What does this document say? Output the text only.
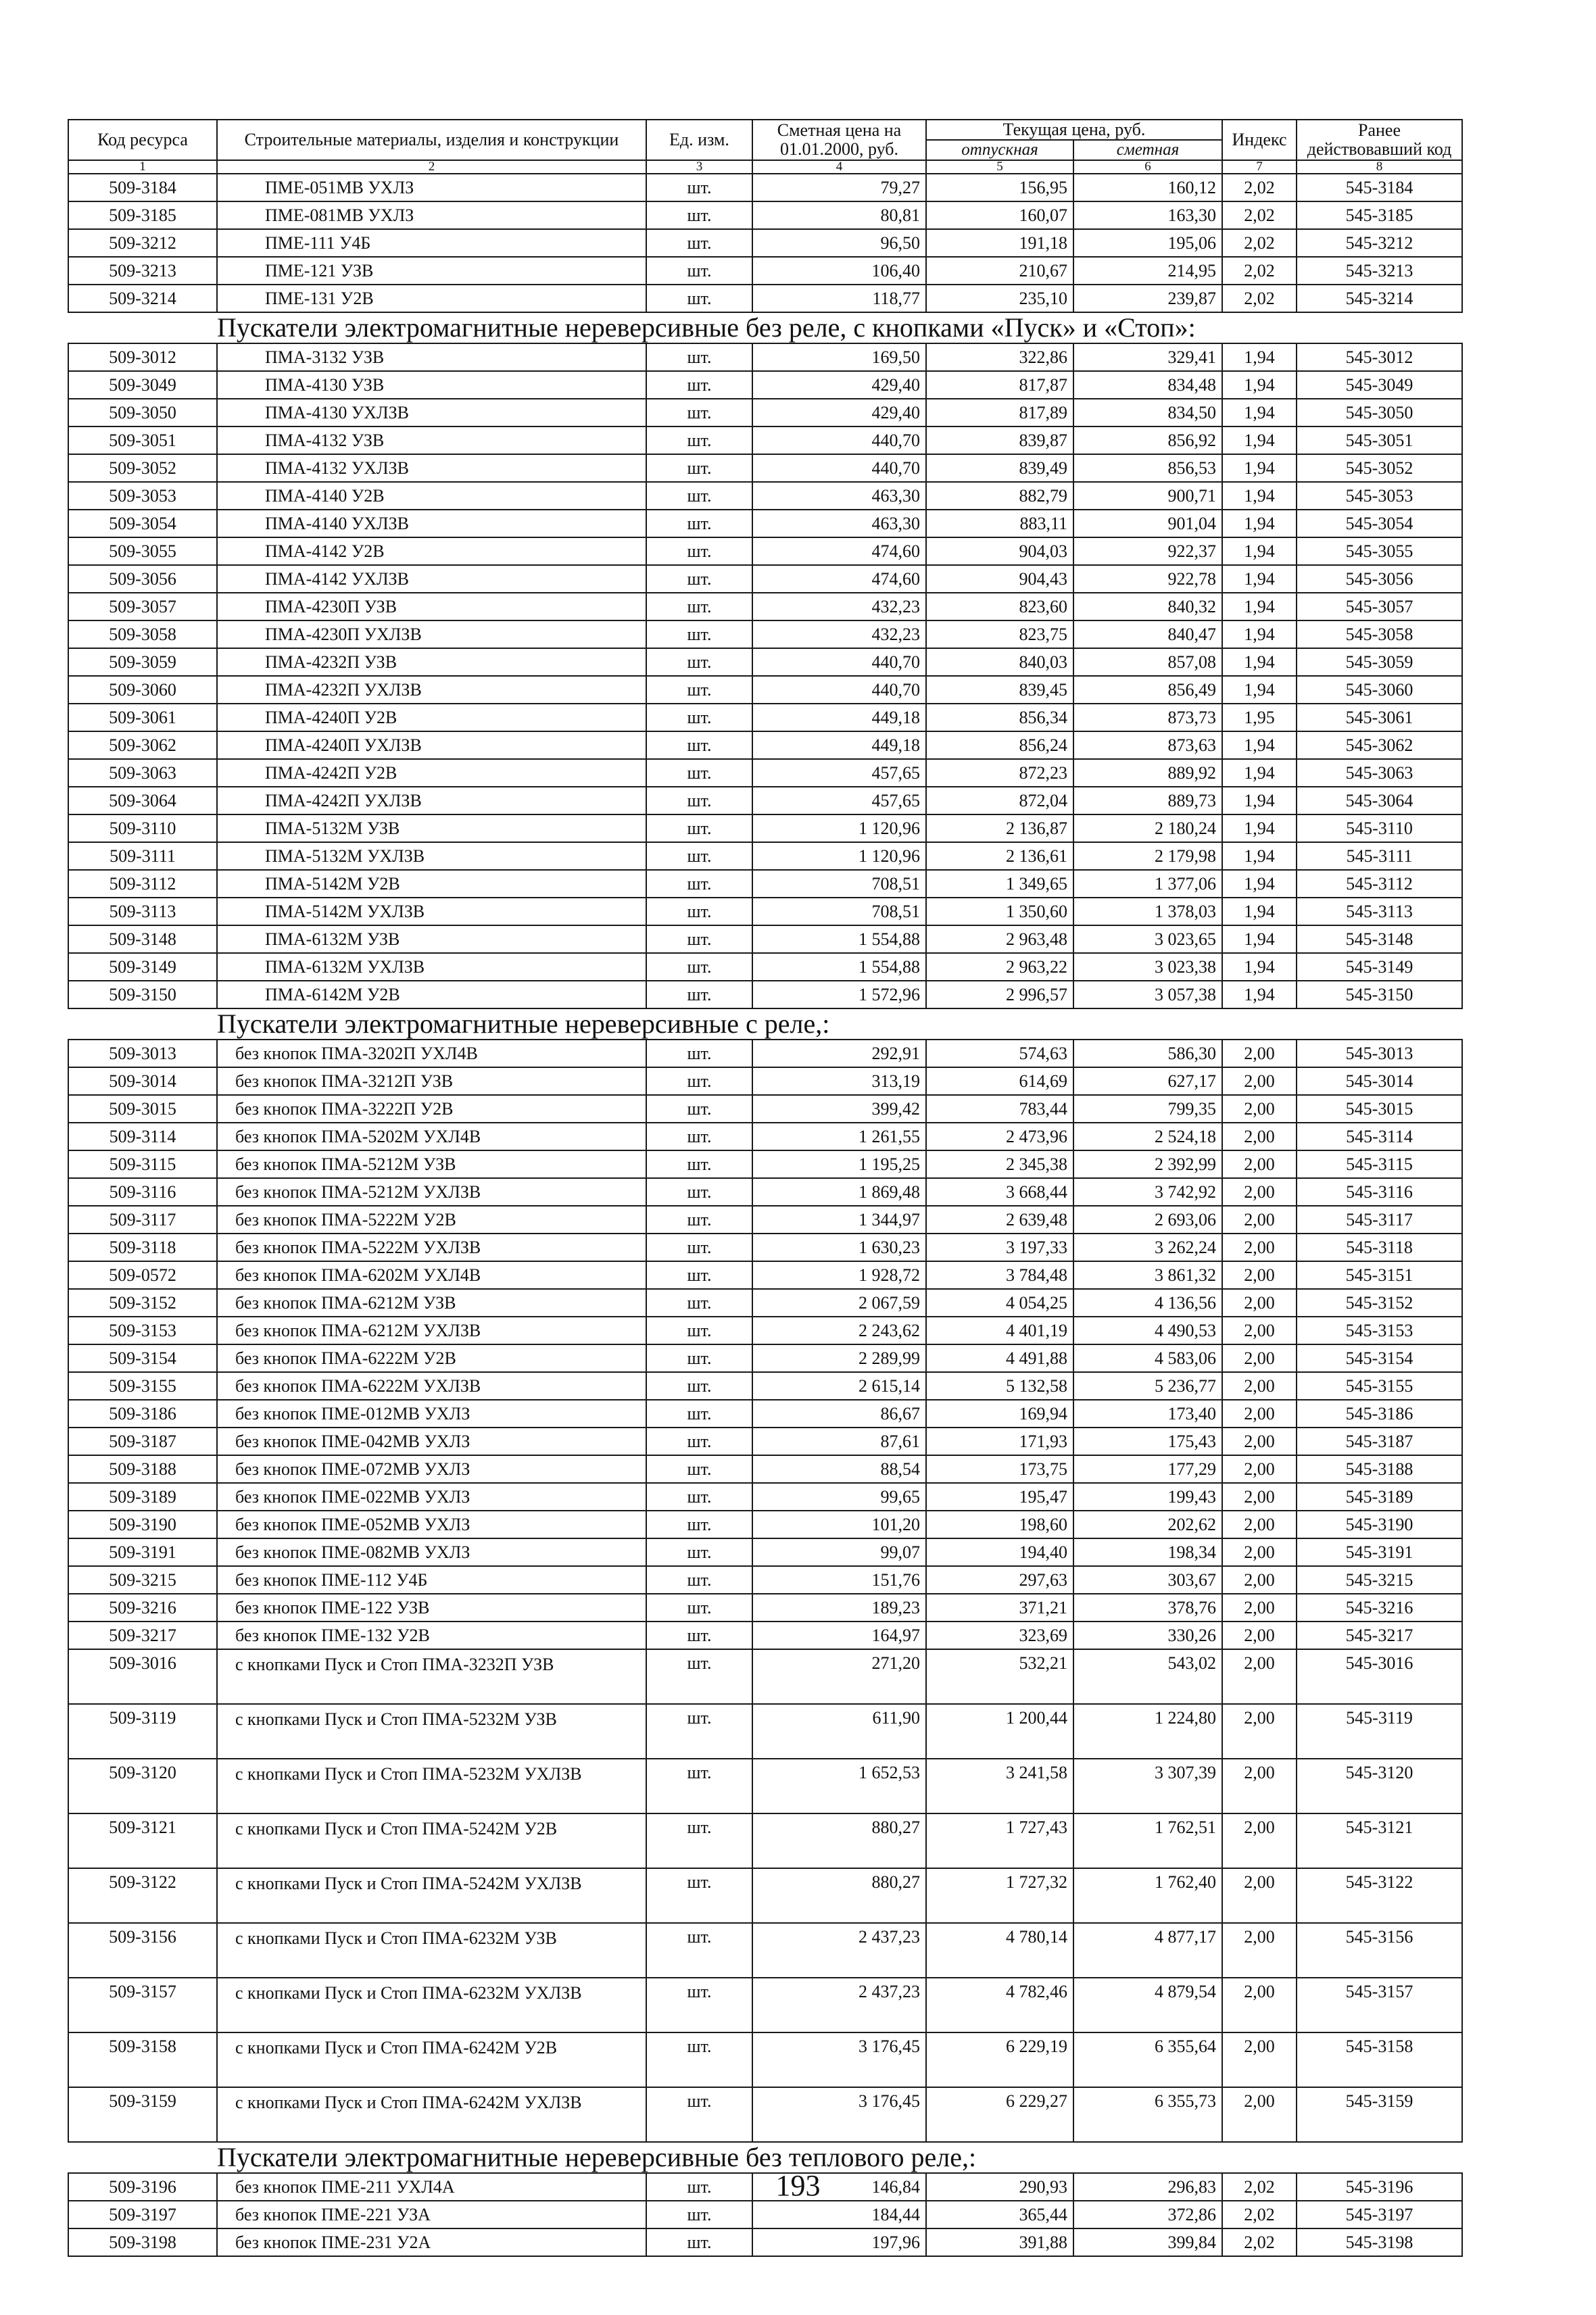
Код ресурса	Строительные материалы, изделия и конструкции	Ед. изм.	Сметная цена на 01.01.2000, руб.	Текущая цена, руб.		Индекс	Ранее действовавший код
				отпускная	сметная		
1	2	3	4	5	6	7	8
509-3184	ПМЕ-051МВ УХЛЗ	шт.	79,27	156,95	160,12	2,02	545-3184
509-3185	ПМЕ-081МВ УХЛЗ	шт.	80,81	160,07	163,30	2,02	545-3185
509-3212	ПМЕ-111 У4Б	шт.	96,50	191,18	195,06	2,02	545-3212
509-3213	ПМЕ-121 УЗВ	шт.	106,40	210,67	214,95	2,02	545-3213
509-3214	ПМЕ-131 У2В	шт.	118,77	235,10	239,87	2,02	545-3214
Пускатели электромагнитные нереверсивные без реле, с кнопками «Пуск» и «Стоп»:							
509-3012	ПМА-3132 УЗВ	шт.	169,50	322,86	329,41	1,94	545-3012
509-3049	ПМА-4130 УЗВ	шт.	429,40	817,87	834,48	1,94	545-3049
509-3050	ПМА-4130 УХЛЗВ	шт.	429,40	817,89	834,50	1,94	545-3050
509-3051	ПМА-4132 УЗВ	шт.	440,70	839,87	856,92	1,94	545-3051
509-3052	ПМА-4132 УХЛЗВ	шт.	440,70	839,49	856,53	1,94	545-3052
509-3053	ПМА-4140 У2В	шт.	463,30	882,79	900,71	1,94	545-3053
509-3054	ПМА-4140 УХЛЗВ	шт.	463,30	883,11	901,04	1,94	545-3054
509-3055	ПМА-4142 У2В	шт.	474,60	904,03	922,37	1,94	545-3055
509-3056	ПМА-4142 УХЛЗВ	шт.	474,60	904,43	922,78	1,94	545-3056
509-3057	ПМА-4230П УЗВ	шт.	432,23	823,60	840,32	1,94	545-3057
509-3058	ПМА-4230П УХЛЗВ	шт.	432,23	823,75	840,47	1,94	545-3058
509-3059	ПМА-4232П УЗВ	шт.	440,70	840,03	857,08	1,94	545-3059
509-3060	ПМА-4232П УХЛЗВ	шт.	440,70	839,45	856,49	1,94	545-3060
509-3061	ПМА-4240П У2В	шт.	449,18	856,34	873,73	1,95	545-3061
509-3062	ПМА-4240П УХЛЗВ	шт.	449,18	856,24	873,63	1,94	545-3062
509-3063	ПМА-4242П У2В	шт.	457,65	872,23	889,92	1,94	545-3063
509-3064	ПМА-4242П УХЛЗВ	шт.	457,65	872,04	889,73	1,94	545-3064
509-3110	ПМА-5132М УЗВ	шт.	1 120,96	2 136,87	2 180,24	1,94	545-3110
509-3111	ПМА-5132М УХЛЗВ	шт.	1 120,96	2 136,61	2 179,98	1,94	545-3111
509-3112	ПМА-5142М У2В	шт.	708,51	1 349,65	1 377,06	1,94	545-3112
509-3113	ПМА-5142М УХЛЗВ	шт.	708,51	1 350,60	1 378,03	1,94	545-3113
509-3148	ПМА-6132М УЗВ	шт.	1 554,88	2 963,48	3 023,65	1,94	545-3148
509-3149	ПМА-6132М УХЛЗВ	шт.	1 554,88	2 963,22	3 023,38	1,94	545-3149
509-3150	ПМА-6142М У2В	шт.	1 572,96	2 996,57	3 057,38	1,94	545-3150
Пускатели электромагнитные нереверсивные с реле,:							
509-3013	без кнопок ПМА-3202П УХЛ4В	шт.	292,91	574,63	586,30	2,00	545-3013
509-3014	без кнопок ПМА-3212П УЗВ	шт.	313,19	614,69	627,17	2,00	545-3014
509-3015	без кнопок ПМА-3222П У2В	шт.	399,42	783,44	799,35	2,00	545-3015
509-3114	без кнопок ПМА-5202М УХЛ4В	шт.	1 261,55	2 473,96	2 524,18	2,00	545-3114
509-3115	без кнопок ПМА-5212М УЗВ	шт.	1 195,25	2 345,38	2 392,99	2,00	545-3115
509-3116	без кнопок ПМА-5212М УХЛЗВ	шт.	1 869,48	3 668,44	3 742,92	2,00	545-3116
509-3117	без кнопок ПМА-5222М У2В	шт.	1 344,97	2 639,48	2 693,06	2,00	545-3117
509-3118	без кнопок ПМА-5222М УХЛЗВ	шт.	1 630,23	3 197,33	3 262,24	2,00	545-3118
509-0572	без кнопок ПМА-6202М УХЛ4В	шт.	1 928,72	3 784,48	3 861,32	2,00	545-3151
509-3152	без кнопок ПМА-6212М УЗВ	шт.	2 067,59	4 054,25	4 136,56	2,00	545-3152
509-3153	без кнопок ПМА-6212М УХЛЗВ	шт.	2 243,62	4 401,19	4 490,53	2,00	545-3153
509-3154	без кнопок ПМА-6222М У2В	шт.	2 289,99	4 491,88	4 583,06	2,00	545-3154
509-3155	без кнопок ПМА-6222М УХЛЗВ	шт.	2 615,14	5 132,58	5 236,77	2,00	545-3155
509-3186	без кнопок ПМЕ-012МВ УХЛЗ	шт.	86,67	169,94	173,40	2,00	545-3186
509-3187	без кнопок ПМЕ-042МВ УХЛЗ	шт.	87,61	171,93	175,43	2,00	545-3187
509-3188	без кнопок ПМЕ-072МВ УХЛЗ	шт.	88,54	173,75	177,29	2,00	545-3188
509-3189	без кнопок ПМЕ-022МВ УХЛЗ	шт.	99,65	195,47	199,43	2,00	545-3189
509-3190	без кнопок ПМЕ-052МВ УХЛЗ	шт.	101,20	198,60	202,62	2,00	545-3190
509-3191	без кнопок ПМЕ-082МВ УХЛЗ	шт.	99,07	194,40	198,34	2,00	545-3191
509-3215	без кнопок ПМЕ-112 У4Б	шт.	151,76	297,63	303,67	2,00	545-3215
509-3216	без кнопок ПМЕ-122 УЗВ	шт.	189,23	371,21	378,76	2,00	545-3216
509-3217	без кнопок ПМЕ-132 У2В	шт.	164,97	323,69	330,26	2,00	545-3217
509-3016	с кнопками Пуск и Стоп ПМА-3232П УЗВ	шт.	271,20	532,21	543,02	2,00	545-3016
509-3119	с кнопками Пуск и Стоп ПМА-5232М УЗВ	шт.	611,90	1 200,44	1 224,80	2,00	545-3119
509-3120	с кнопками Пуск и Стоп ПМА-5232М УХЛЗВ	шт.	1 652,53	3 241,58	3 307,39	2,00	545-3120
509-3121	с кнопками Пуск и Стоп ПМА-5242М У2В	шт.	880,27	1 727,43	1 762,51	2,00	545-3121
509-3122	с кнопками Пуск и Стоп ПМА-5242М УХЛЗВ	шт.	880,27	1 727,32	1 762,40	2,00	545-3122
509-3156	с кнопками Пуск и Стоп ПМА-6232М УЗВ	шт.	2 437,23	4 780,14	4 877,17	2,00	545-3156
509-3157	с кнопками Пуск и Стоп ПМА-6232М УХЛЗВ	шт.	2 437,23	4 782,46	4 879,54	2,00	545-3157
509-3158	с кнопками Пуск и Стоп ПМА-6242М У2В	шт.	3 176,45	6 229,19	6 355,64	2,00	545-3158
509-3159	с кнопками Пуск и Стоп ПМА-6242М УХЛЗВ	шт.	3 176,45	6 229,27	6 355,73	2,00	545-3159
Пускатели электромагнитные нереверсивные без теплового реле,:							
509-3196	без кнопок ПМЕ-211 УХЛ4А	шт.	146,84	290,93	296,83	2,02	545-3196
509-3197	без кнопок ПМЕ-221 УЗА	шт.	184,44	365,44	372,86	2,02	545-3197
509-3198	без кнопок ПМЕ-231 У2А	шт.	197,96	391,88	399,84	2,02	545-3198
193
